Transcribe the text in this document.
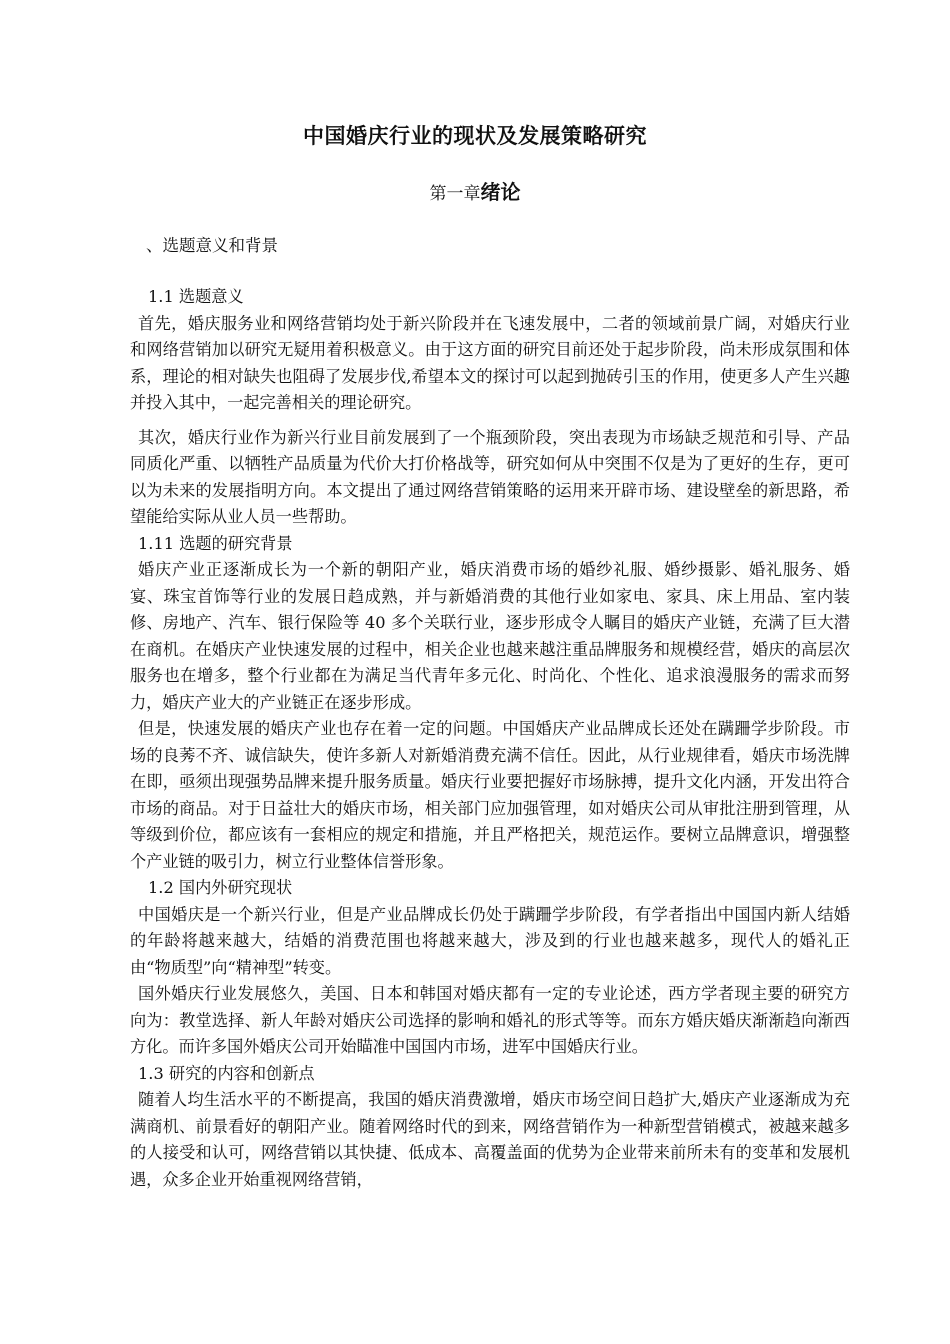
中国婚庆行业的现状及发展策略研究
第一章绪论
、选题意义和背景
1.1 选题意义

首先，婚庆服务业和网络营销均处于新兴阶段并在飞速发展中，二者的领域前景广阔，对婚庆行业和网络营销加以研究无疑用着积极意义。由于这方面的研究目前还处于起步阶段，尚未形成氛围和体系，理论的相对缺失也阻碍了发展步伐,希望本文的探讨可以起到抛砖引玉的作用，使更多人产生兴趣并投入其中，一起完善相关的理论研究。

其次，婚庆行业作为新兴行业目前发展到了一个瓶颈阶段，突出表现为市场缺乏规范和引导、产品同质化严重、以牺牲产品质量为代价大打价格战等，研究如何从中突围不仅是为了更好的生存，更可以为未来的发展指明方向。本文提出了通过网络营销策略的运用来开辟市场、建设壁垒的新思路，希望能给实际从业人员一些帮助。

1.11 选题的研究背景

婚庆产业正逐渐成长为一个新的朝阳产业，婚庆消费市场的婚纱礼服、婚纱摄影、婚礼服务、婚宴、珠宝首饰等行业的发展日趋成熟，并与新婚消费的其他行业如家电、家具、床上用品、室内装修、房地产、汽车、银行保险等 40 多个关联行业，逐步形成令人瞩目的婚庆产业链，充满了巨大潜在商机。在婚庆产业快速发展的过程中，相关企业也越来越注重品牌服务和规模经营，婚庆的高层次服务也在增多，整个行业都在为满足当代青年多元化、时尚化、个性化、追求浪漫服务的需求而努力，婚庆产业大的产业链正在逐步形成。

但是，快速发展的婚庆产业也存在着一定的问题。中国婚庆产业品牌成长还处在蹒跚学步阶段。市场的良莠不齐、诚信缺失，使许多新人对新婚消费充满不信任。因此，从行业规律看，婚庆市场洗牌在即，亟须出现强势品牌来提升服务质量。婚庆行业要把握好市场脉搏，提升文化内涵，开发出符合市场的商品。对于日益壮大的婚庆市场，相关部门应加强管理，如对婚庆公司从审批注册到管理，从等级到价位，都应该有一套相应的规定和措施，并且严格把关，规范运作。要树立品牌意识，增强整个产业链的吸引力，树立行业整体信誉形象。

1.2 国内外研究现状

中国婚庆是一个新兴行业，但是产业品牌成长仍处于蹒跚学步阶段，有学者指出中国国内新人结婚的年龄将越来越大，结婚的消费范围也将越来越大，涉及到的行业也越来越多，现代人的婚礼正由“物质型”向“精神型”转变。

国外婚庆行业发展悠久，美国、日本和韩国对婚庆都有一定的专业论述，西方学者现主要的研究方向为：教堂选择、新人年龄对婚庆公司选择的影响和婚礼的形式等等。而东方婚庆婚庆渐渐趋向渐西方化。而许多国外婚庆公司开始瞄准中国国内市场，进军中国婚庆行业。

1.3 研究的内容和创新点

随着人均生活水平的不断提高，我国的婚庆消费激增，婚庆市场空间日趋扩大,婚庆产业逐渐成为充满商机、前景看好的朝阳产业。随着网络时代的到来，网络营销作为一种新型营销模式，被越来越多的人接受和认可，网络营销以其快捷、低成本、高覆盖面的优势为企业带来前所未有的变革和发展机遇，众多企业开始重视网络营销，
